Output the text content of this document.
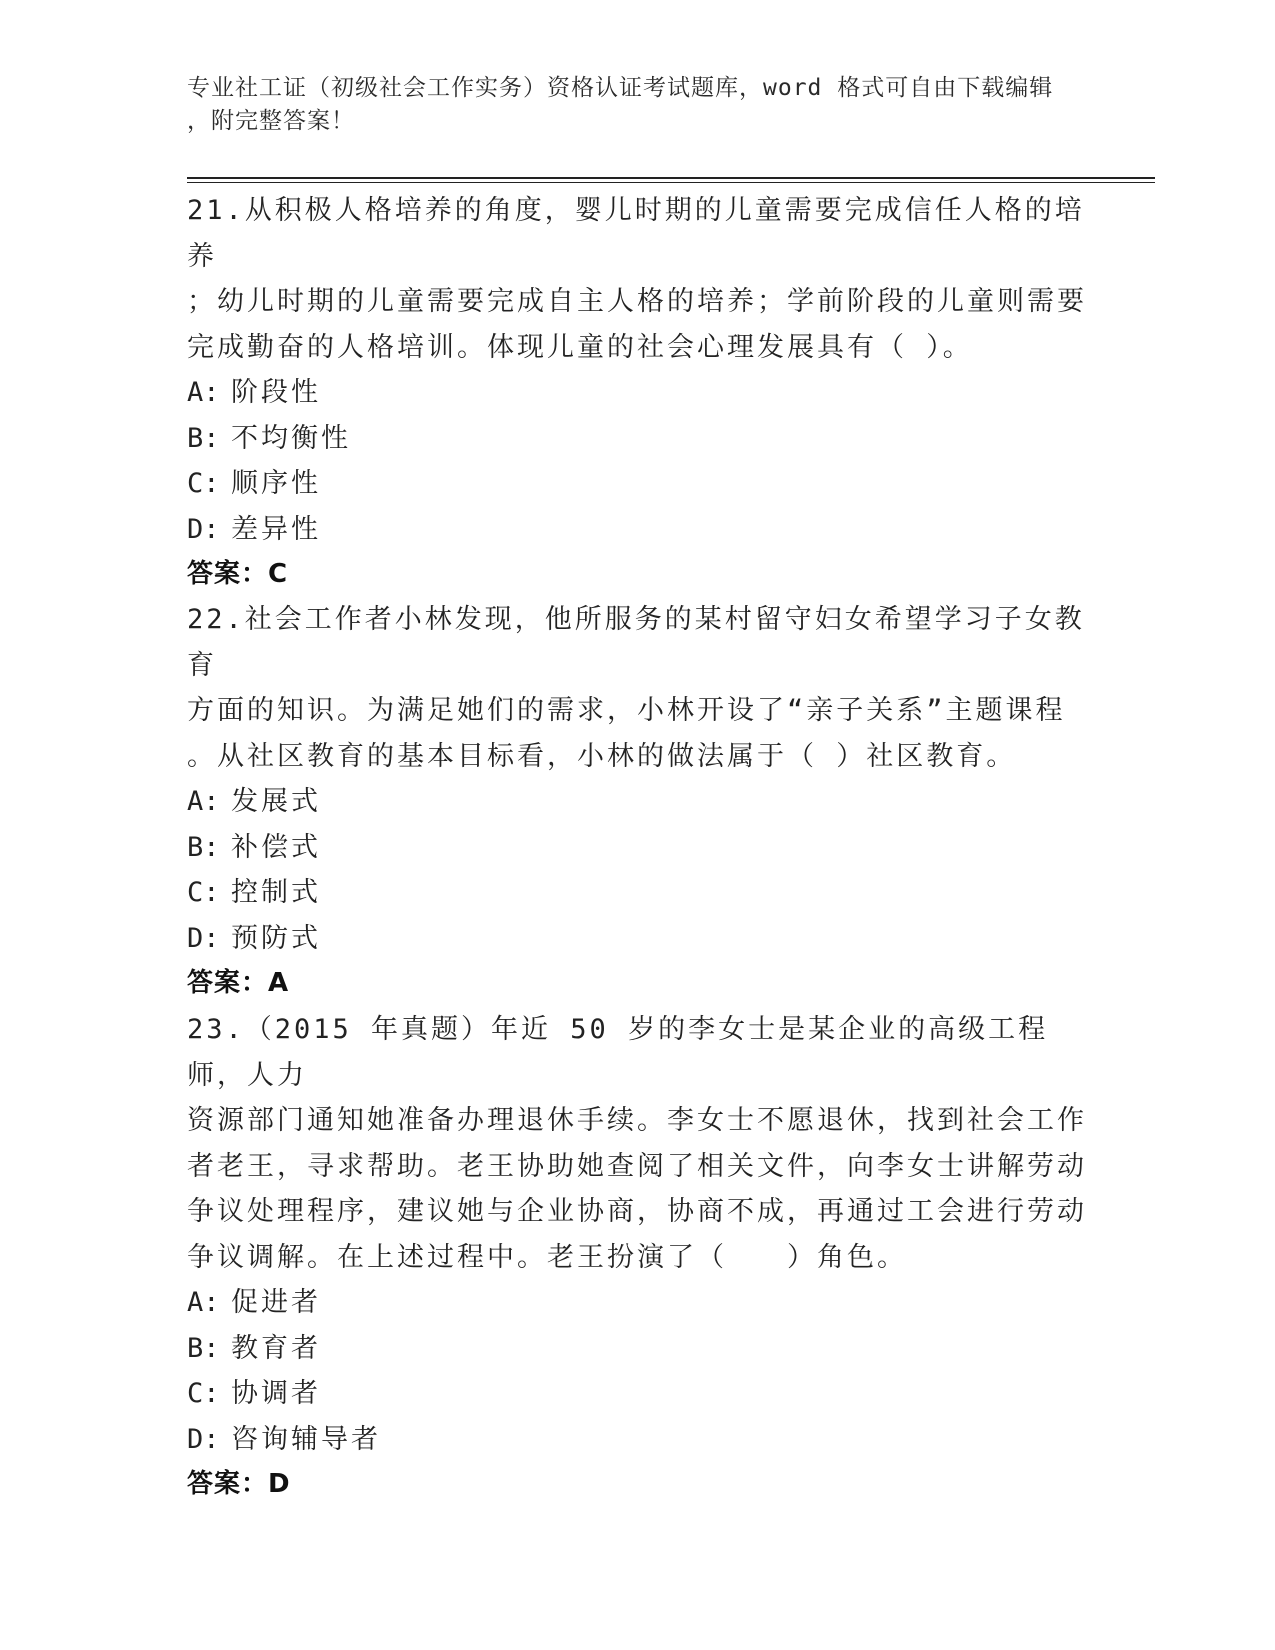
专业社工证（初级社会工作实务）资格认证考试题库，word 格式可自由下载编辑
，附完整答案！
21.从积极人格培养的角度，婴儿时期的儿童需要完成信任人格的培养
；幼儿时期的儿童需要完成自主人格的培养；学前阶段的儿童则需要
完成勤奋的人格培训。体现儿童的社会心理发展具有（ ）。
A: 阶段性
B: 不均衡性
C: 顺序性
D: 差异性
答案：C
22.社会工作者小林发现，他所服务的某村留守妇女希望学习子女教育
方面的知识。为满足她们的需求，小林开设了“亲子关系”主题课程
。从社区教育的基本目标看，小林的做法属于（ ）社区教育。
A: 发展式
B: 补偿式
C: 控制式
D: 预防式
答案：A
23.（2015 年真题）年近 50 岁的李女士是某企业的高级工程师，人力
资源部门通知她准备办理退休手续。李女士不愿退休，找到社会工作
者老王，寻求帮助。老王协助她查阅了相关文件，向李女士讲解劳动
争议处理程序，建议她与企业协商，协商不成，再通过工会进行劳动
争议调解。在上述过程中。老王扮演了（　　）角色。
A: 促进者
B: 教育者
C: 协调者
D: 咨询辅导者
答案：D
